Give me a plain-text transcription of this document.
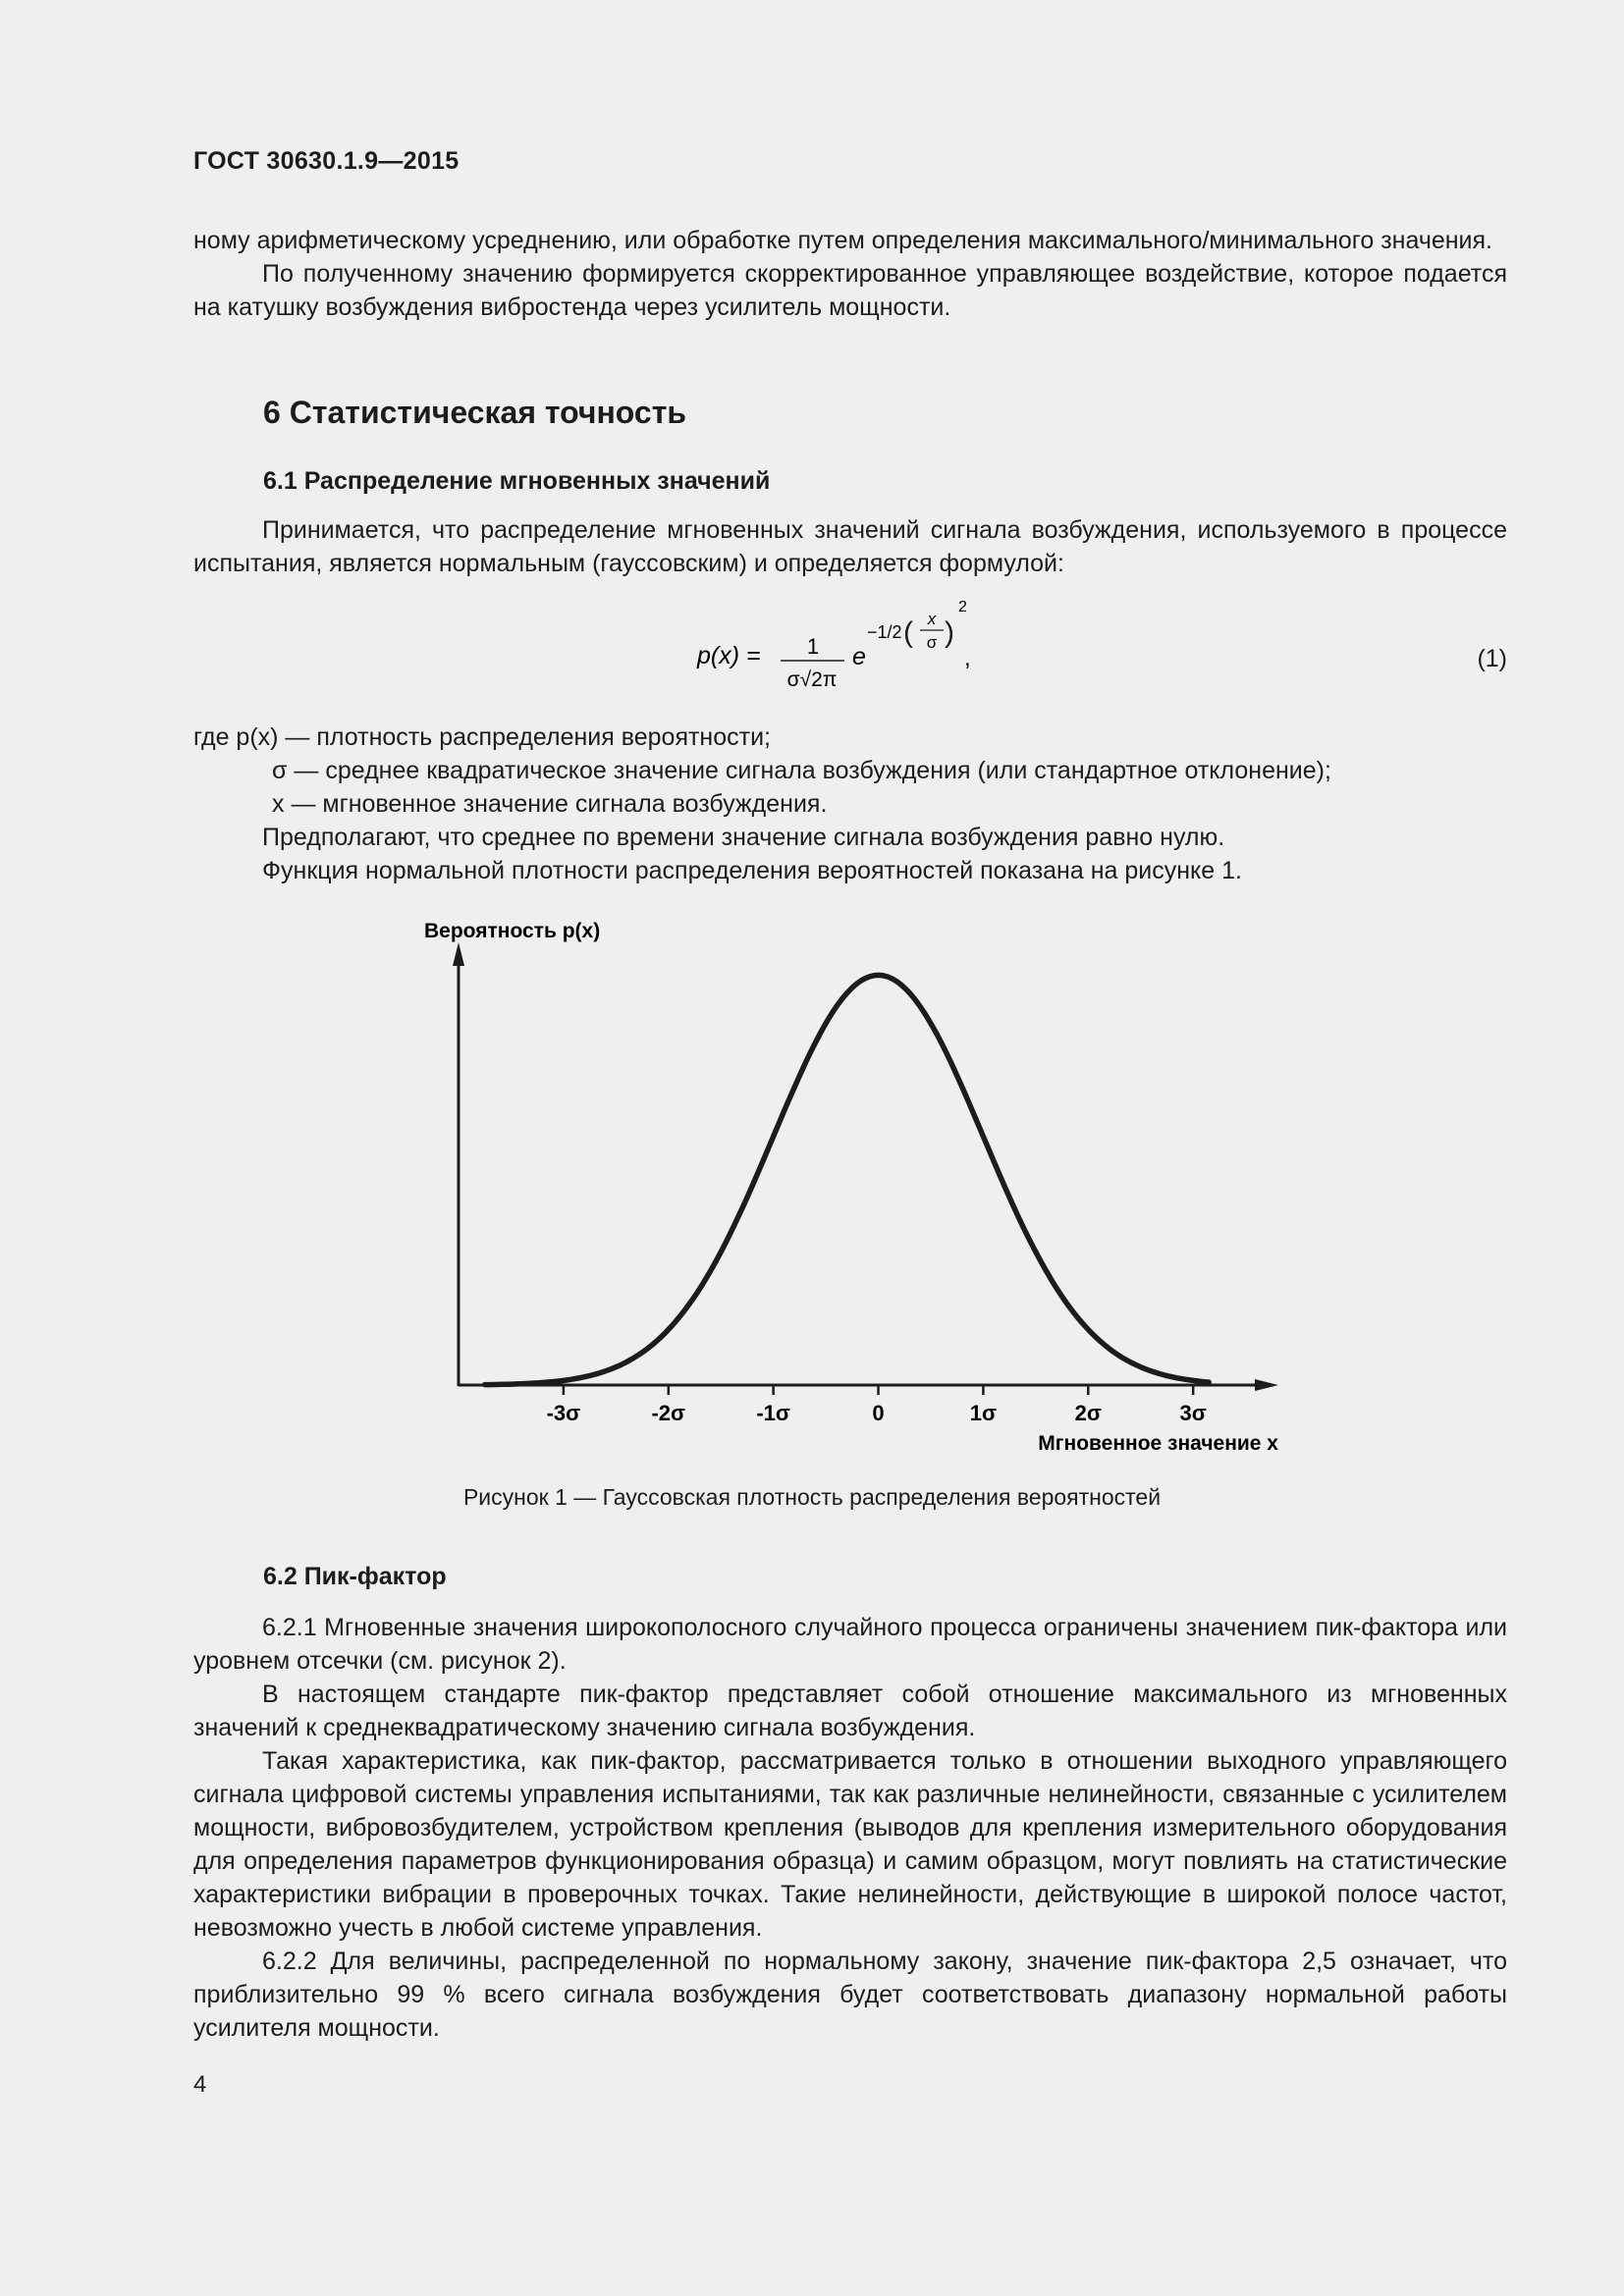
ГОСТ 30630.1.9—2015

ному арифметическому усреднению, или обработке путем определения максимального/минимального значения.

По полученному значению формируется скорректированное управляющее воздействие, которое подается на катушку возбуждения вибростенда через усилитель мощности.

6 Статистическая точность
6.1 Распределение мгновенных значений

Принимается, что распределение мгновенных значений сигнала возбуждения, используемого в процессе испытания, является нормальным (гауссовским) и определяется формулой:

p(x) = 1
σ√2π
e
−1/2 ( x
σ )
2
,	(1)
где p(x) — плотность распределения вероятности;
σ — среднее квадратическое значение сигнала возбуждения (или стандартное отклонение);
x — мгновенное значение сигнала возбуждения.
Предполагают, что среднее по времени значение сигнала возбуждения равно нулю.
Функция нормальной плотности распределения вероятностей показана на рисунке 1.
Вероятность p(x)
Мгновенное значение x
-3σ	-2σ	-1σ	0	1σ	2σ	3σ
Рисунок 1 — Гауссовская плотность распределения вероятностей
6.2 Пик-фактор

6.2.1 Мгновенные значения широкополосного случайного процесса ограничены значением пик-фактора или уровнем отсечки (см. рисунок 2).

В настоящем стандарте пик-фактор представляет собой отношение максимального из мгновенных значений к среднеквадратическому значению сигнала возбуждения.

Такая характеристика, как пик-фактор, рассматривается только в отношении выходного управляющего сигнала цифровой системы управления испытаниями, так как различные нелинейности, связанные с усилителем мощности, вибровозбудителем, устройством крепления (выводов для крепления измерительного оборудования для определения параметров функционирования образца) и самим образцом, могут повлиять на статистические характеристики вибрации в проверочных точках. Такие нелинейности, действующие в широкой полосе частот, невозможно учесть в любой системе управления.

6.2.2 Для величины, распределенной по нормальному закону, значение пик-фактора 2,5 означает, что приблизительно 99 % всего сигнала возбуждения будет соответствовать диапазону нормальной работы усилителя мощности.

4
